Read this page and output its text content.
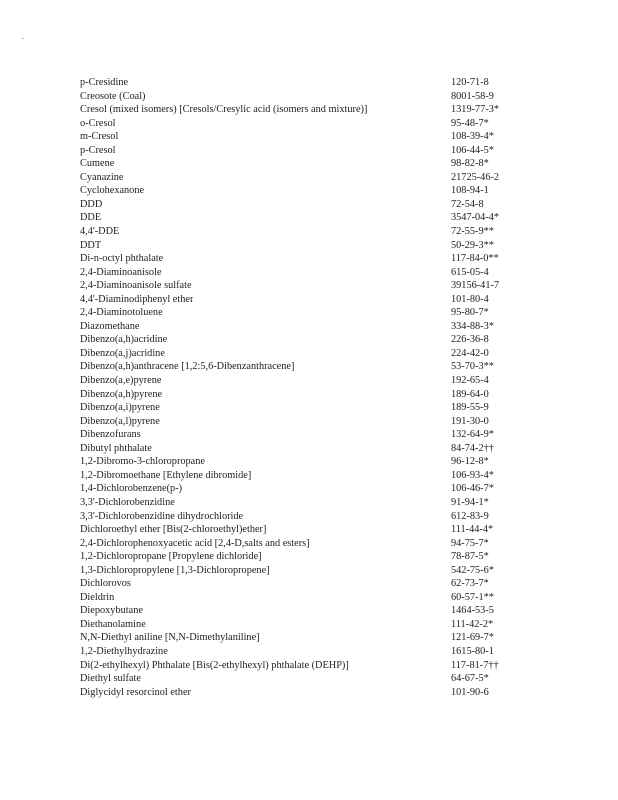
p-Cresidine	120-71-8
Creosote (Coal)	8001-58-9
Cresol (mixed isomers) [Cresols/Cresylic acid (isomers and mixture)]	1319-77-3*
o-Cresol	95-48-7*
m-Cresol	108-39-4*
p-Cresol	106-44-5*
Cumene	98-82-8*
Cyanazine	21725-46-2
Cyclohexanone	108-94-1
DDD	72-54-8
DDE	3547-04-4*
4,4'-DDE	72-55-9**
DDT	50-29-3**
Di-n-octyl phthalate	117-84-0**
2,4-Diaminoanisole	615-05-4
2,4-Diaminoanisole sulfate	39156-41-7
4,4'-Diaminodiphenyl ether	101-80-4
2,4-Diaminotoluene	95-80-7*
Diazomethane	334-88-3*
Dibenzo(a,h)acridine	226-36-8
Dibenzo(a,j)acridine	224-42-0
Dibenzo(a,h)anthracene [1,2:5,6-Dibenzanthracene]	53-70-3**
Dibenzo(a,e)pyrene	192-65-4
Dibenzo(a,h)pyrene	189-64-0
Dibenzo(a,i)pyrene	189-55-9
Dibenzo(a,l)pyrene	191-30-0
Dibenzofurans	132-64-9*
Dibutyl phthalate	84-74-2††
1,2-Dibromo-3-chloropropane	96-12-8*
1,2-Dibromoethane [Ethylene dibromide]	106-93-4*
1,4-Dichlorobenzene(p-)	106-46-7*
3,3'-Dichlorobenzidine	91-94-1*
3,3'-Dichlorobenzidine dihydrochloride	612-83-9
Dichloroethyl ether [Bis(2-chloroethyl)ether]	111-44-4*
2,4-Dichlorophenoxyacetic acid [2,4-D,salts and esters]	94-75-7*
1,2-Dichloropropane [Propylene dichloride]	78-87-5*
1,3-Dichloropropylene [1,3-Dichloropropene]	542-75-6*
Dichlorovos	62-73-7*
Dieldrin	60-57-1**
Diepoxybutane	1464-53-5
Diethanolamine	111-42-2*
N,N-Diethyl aniline [N,N-Dimethylaniline]	121-69-7*
1,2-Diethylhydrazine	1615-80-1
Di(2-ethylhexyl) Phthalate [Bis(2-ethylhexyl) phthalate (DEHP)]	117-81-7††
Diethyl sulfate	64-67-5*
Diglycidyl resorcinol ether	101-90-6
